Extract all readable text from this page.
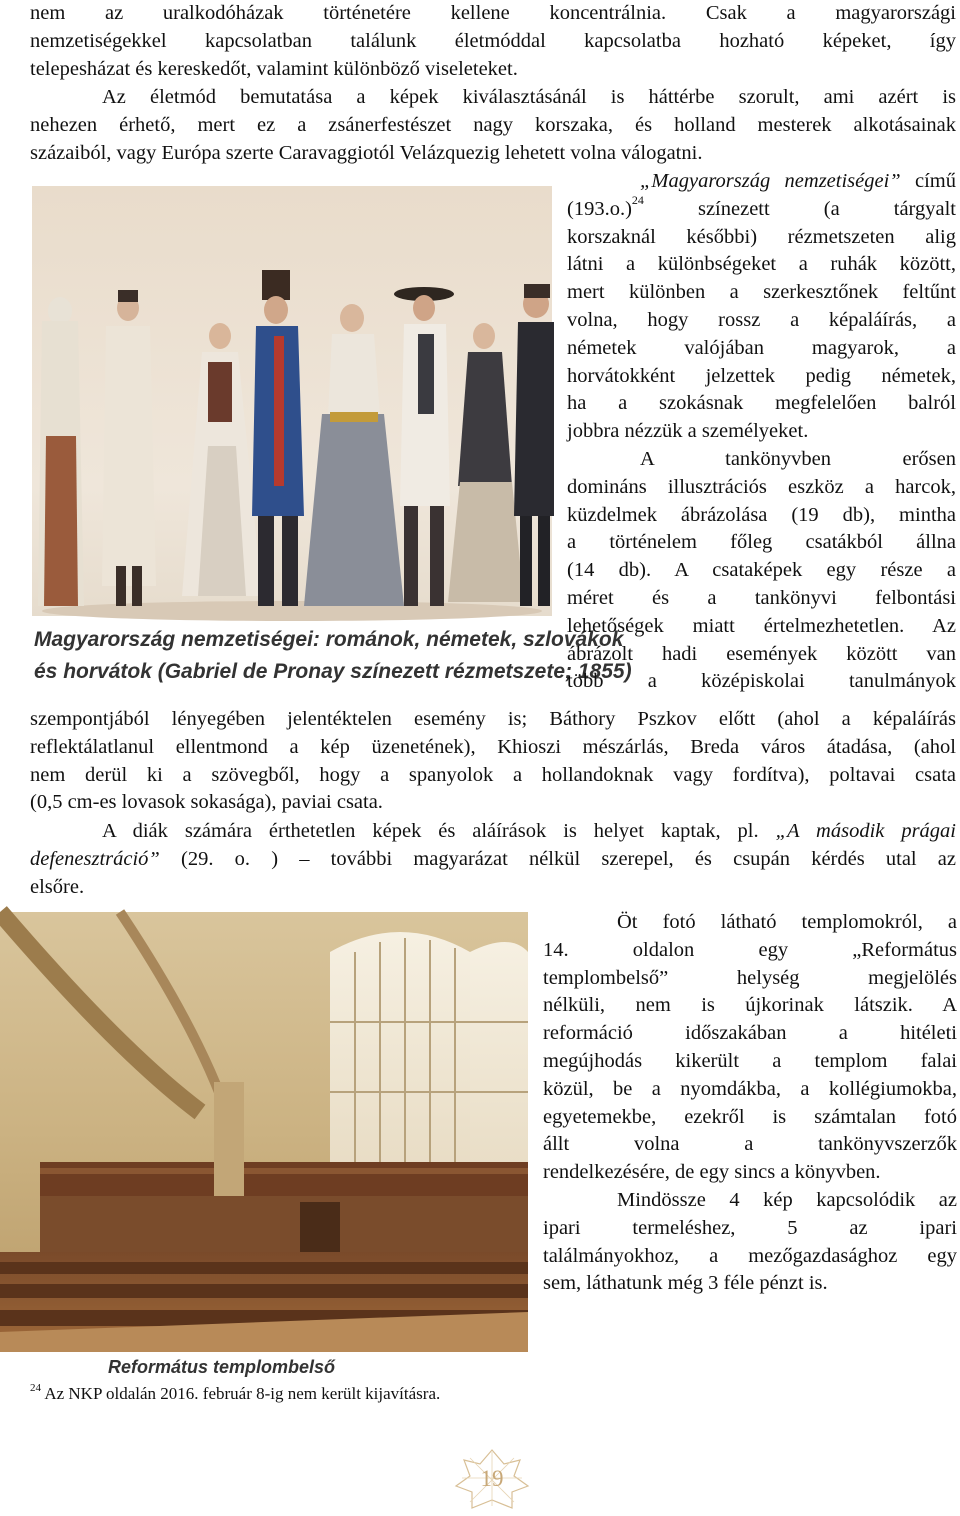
nem az uralkodóházak történetére kellene koncentrálnia. Csak a magyarországi
nemzetiségekkel kapcsolatban találunk életmóddal kapcsolatba hozható képeket, így
telepesházat és kereskedőt, valamint különböző viseleteket.
Az életmód bemutatása a képek kiválasztásánál is háttérbe szorult, ami azért is
nehezen érhető, mert ez a zsánerfestészet nagy korszaka, és holland mesterek alkotásainak
százaiból, vagy Európa szerte Caravaggiotól Velázquezig lehetett volna válogatni.
Magyarország nemzetiségei: románok, németek, szlovákok
és horvátok (Gabriel de Pronay színezett rézmetszete; 1855)
„Magyarország nemzetiségei” című
$(193.o.)^{24}$	színezett (a tárgyalt
korszaknál későbbi) rézmetszeten alig
látni a különbségeket a ruhák között,
mert különben a szerkesztőnek feltűnt
volna, hogy rossz a képaláírás, a
németek valójában magyarok, a
horvátokként jelzettek pedig németek,
ha a szokásnak megfelelően balról
jobbra nézzük a személyeket.
A tankönyvben erősen
domináns illusztrációs eszköz a harcok,
küzdelmek ábrázolása (19 db), mintha
a történelem főleg csatákból állna
(14 db). A csataképek egy része a
méret és a tankönyvi felbontási
lehetőségek miatt értelmezhetetlen. Az
ábrázolt hadi események között van
több a középiskolai tanulmányok
szempontjából lényegében jelentéktelen esemény is; Báthory Pszkov előtt (ahol a képaláírás
reflektálatlanul ellentmond a kép üzenetének), Khioszi mészárlás, Breda város átadása, (ahol
nem derül ki a szövegből, hogy a spanyolok a hollandoknak vagy fordítva), poltavai csata
(0,5 cm-es lovasok sokasága), paviai csata.
A diák számára érthetetlen képek és aláírások is helyet kaptak, pl. „A második prágai
defenesztráció” (29. o. ) – további magyarázat nélkül szerepel, és csupán kérdés utal az
elsőre.
Református templombelső
Öt fotó látható templomokról, a
14. oldalon egy „Református
templombelső” helység megjelölés
nélküli, nem is újkorinak látszik. A
reformáció időszakában a hitéleti
megújhodás kikerült a templom falai
közül, be a nyomdákba, a kollégiumokba,
egyetemekbe, ezekről is számtalan fotó
állt volna a tankönyvszerzők
rendelkezésére, de egy sincs a könyvben.
Mindössze 4 kép kapcsolódik az
ipari termeléshez, 5 az ipari
találmányokhoz, a mezőgazdasághoz egy
sem, láthatunk még 3 féle pénzt is.
$^{24}$ Az NKP oldalán 2016. február 8-ig nem került kijavításra.
19
